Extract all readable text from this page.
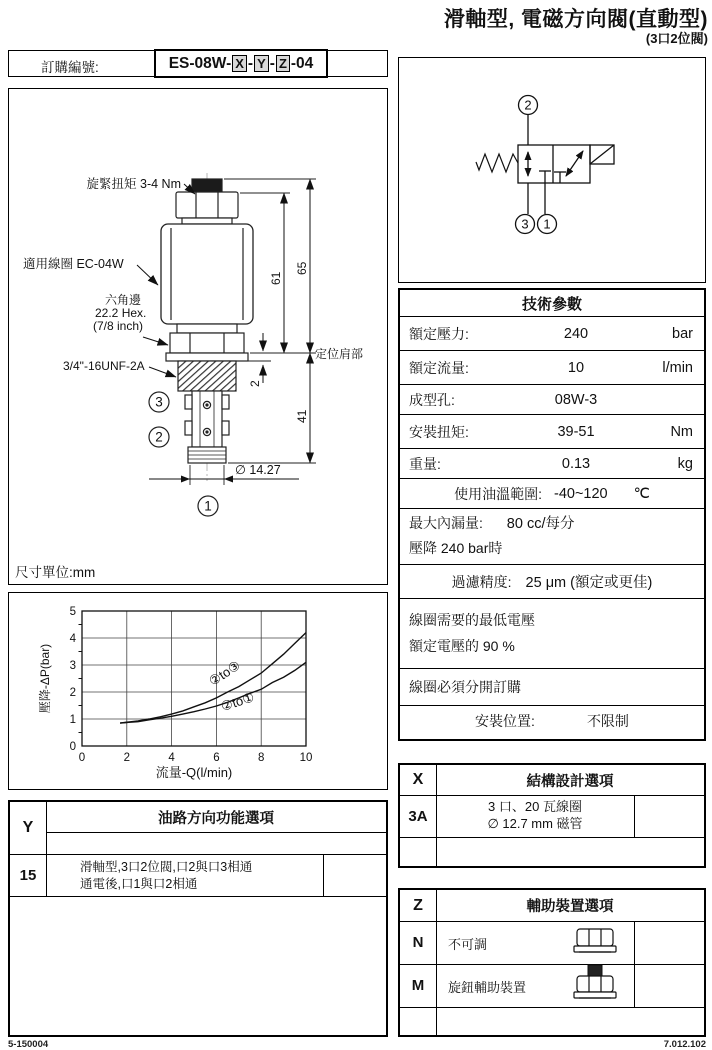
滑軸型, 電磁方向閥(直動型)
(3口2位閥)
訂購編號:	ES-08W- X - Y - Z -04
61
65
41
2
定位肩部
∅ 14.27
旋緊扭矩 3-4 Nm
適用線圈 EC-04W
六角邊
22.2 Hex.
(7/8 inch)
3/4"-16UNF-2A
3
2
1
尺寸單位:mm
0	2	4	6	8	10
0
1
2
3
4
5
壓降-ΔP(bar)
流量-Q(l/min)
②to③
②to①
Y
油路方向功能選項
15	滑軸型,3口2位閥,口2與口3相通
通電後,口1與口2相通
2
3 1
技術參數
額定壓力:	240	bar
額定流量:	10	l/min
成型孔:	08W-3
安裝扭矩:	39-51	Nm
重量:	0.13	kg
使用油溫範圍: -40~120 ℃
最大內漏量: 80 cc/每分
壓降 240 bar時
過濾精度: 25 μm (額定或更佳)
線圈需要的最低電壓
額定電壓的 90 %
線圈必須分開訂購
安裝位置:	不限制
X	結構設計選項
3A
3 口、20 瓦線圈
∅ 12.7 mm 磁管
Z	輔助裝置選項
N	不可調
M	旋鈕輔助裝置
5-150004	7.012.102
